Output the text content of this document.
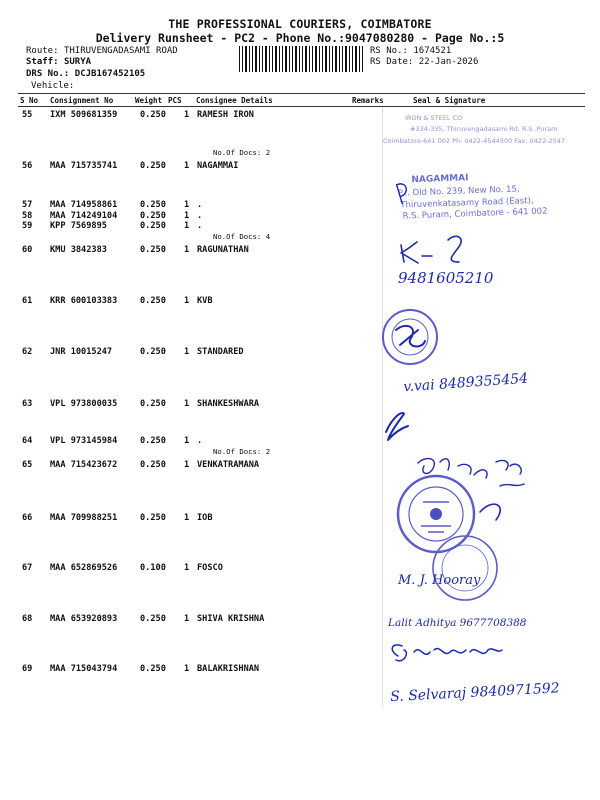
THE PROFESSIONAL COURIERS, COIMBATORE
Delivery Runsheet - PC2 - Phone No.:9047080280 - Page No.:5
Route: THIRUVENGADASAMI ROAD
Staff: SURYA
DRS No.: DCJB167452105
Vehicle:
RS No.: 1674521
RS Date: 22-Jan-2026
S No Consignment No	Weight PCS Consignee Details	Remarks	Seal & Signature
55 IXM 509681359	0.250 1 RAMESH IRON
No.Of Docs: 2
56 MAA 715735741	0.250 1 NAGAMMAI
57 MAA 714958861	0.250 1 .
58 MAA 714249104	0.250 1 .
59 KPP 7569895	0.250 1 .
No.Of Docs: 4
60 KMU 3842383	0.250 1 RAGUNATHAN
61 KRR 600103383	0.250 1 KVB
62 JNR 10015247	0.250 1 STANDARED
63 VPL 973800035	0.250 1 SHANKESHWARA
64 VPL 973145984	0.250 1 .
No.Of Docs: 2
65 MAA 715423672	0.250 1 VENKATRAMANA
66 MAA 709988251	0.250 1 IOB
67 MAA 652869526	0.100 1 FOSCO
68 MAA 653920893	0.250 1 SHIVA KRISHNA
69 MAA 715043794	0.250 1 BALAKRISHNAN
IRON & STEEL CO
#334-335, Thiruvengadasami Rd, R.S. Puram
Coimbatore-641 002 Ph: 0422-4544500 Fax: 0422-2547
NAGAMMAI
P... Old No. 239, New No. 15,
Thiruvenkatasamy Road (East),
R.S. Puram, Coimbatore - 641 002
9481605210
v.vai 8489355454
M. J. Hooray
Lalit Adhitya 9677708388
S. Selvaraj 9840971592
